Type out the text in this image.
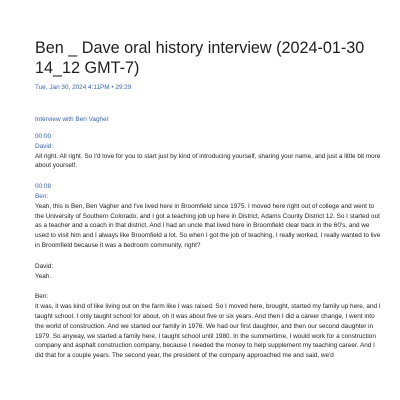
Ben _ Dave oral history interview (2024-01-30 14_12 GMT-7)
Tue, Jan 30, 2024 4:11PM • 29:29
Interview with Ben Vagher
00:00
David:
All right. All right. So I'd love for you to start just by kind of introducing yourself, sharing your name, and just a little bit more about yourself.
00:08
Ben:
Yeah, this is Ben, Ben Vagher and I've lived here in Broomfield since 1975. I moved here right out of college and went to the University of Southern Colorado, and I got a teaching job up here in District, Adams County District 12. So I started out as a teacher and a coach in that district. And I had an uncle that lived here in Broomfield clear back in the 60's, and we used to visit him and I always like Broomfield a lot. So when I got the job of teaching, I really worked, I really wanted to live in Broomfield because it was a bedroom community, right?
David:
Yeah.
Ben:
It was, it was kind of like living out on the farm like I was raised. So I moved here, brought, started my family up here, and I taught school. I only taught school for about, oh it was about five or six years. And then I did a career change, I went into the world of construction. And we started our family in 1976. We had our first daughter, and then our second daughter in 1979. So anyway, we started a family here, I taught school until 1980. In the summertime, I would work for a construction company and asphalt construction company, because I needed the money to help supplement my teaching career. And I did that for a couple years. The second year, the president of the company approached me and said, we'd
